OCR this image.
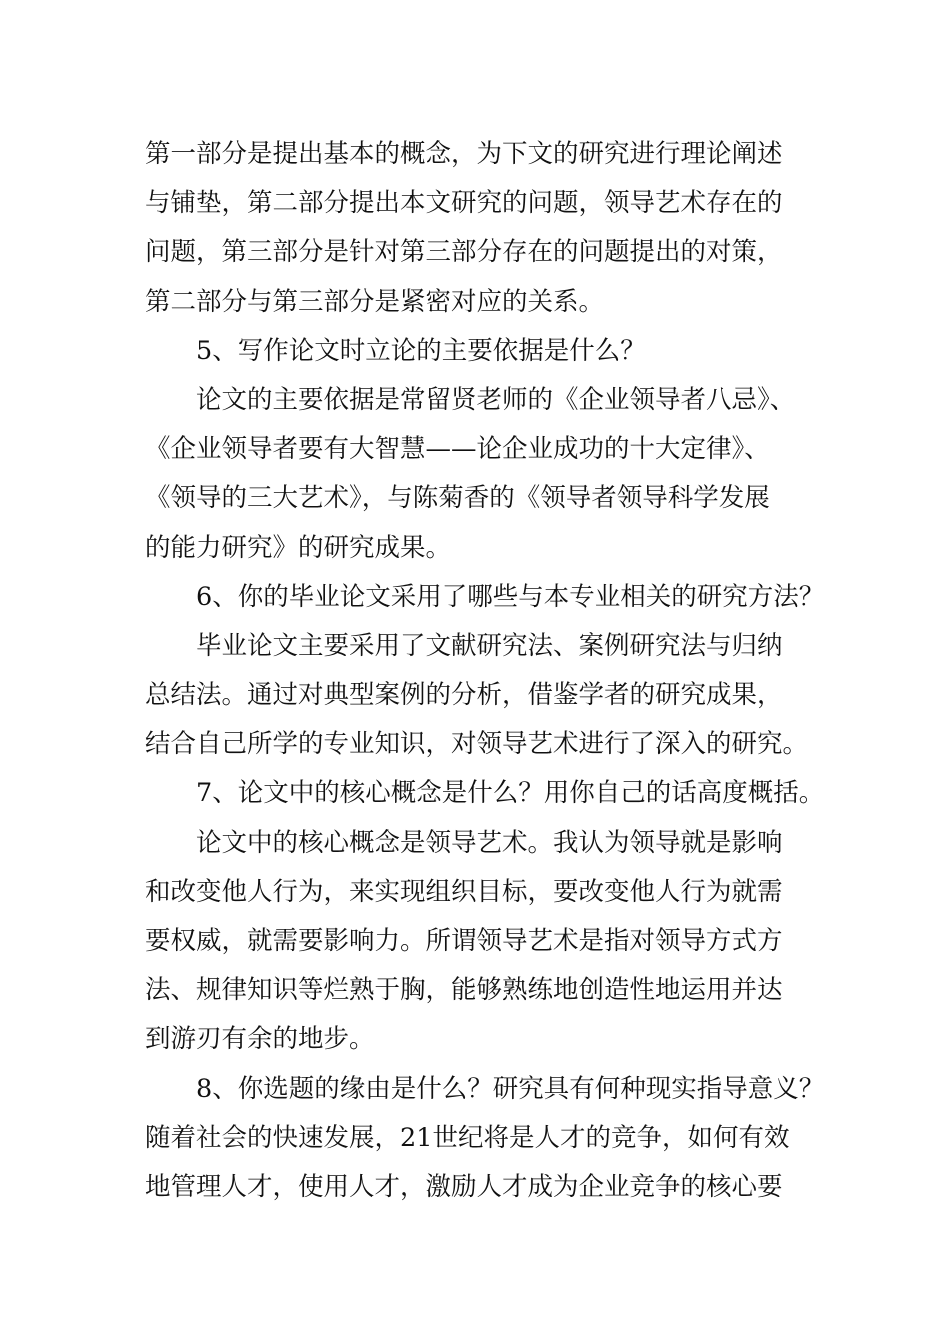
第一部分是提出基本的概念，为下文的研究进行理论阐述
与铺垫，第二部分提出本文研究的问题，领导艺术存在的
问题，第三部分是针对第三部分存在的问题提出的对策，
第二部分与第三部分是紧密对应的关系。
5、写作论文时立论的主要依据是什么？
论文的主要依据是常留贤老师的《企业领导者八忌》、
《企业领导者要有大智慧——论企业成功的十大定律》、
《领导的三大艺术》，与陈菊香的《领导者领导科学发展
的能力研究》的研究成果。
6、你的毕业论文采用了哪些与本专业相关的研究方法？
毕业论文主要采用了文献研究法、案例研究法与归纳
总结法。通过对典型案例的分析，借鉴学者的研究成果，
结合自己所学的专业知识，对领导艺术进行了深入的研究。
7、论文中的核心概念是什么？用你自己的话高度概括。
论文中的核心概念是领导艺术。我认为领导就是影响
和改变他人行为，来实现组织目标，要改变他人行为就需
要权威，就需要影响力。所谓领导艺术是指对领导方式方
法、规律知识等烂熟于胸，能够熟练地创造性地运用并达
到游刃有余的地步。
8、你选题的缘由是什么？研究具有何种现实指导意义？
随着社会的快速发展，21世纪将是人才的竞争，如何有效
地管理人才，使用人才，激励人才成为企业竞争的核心要
